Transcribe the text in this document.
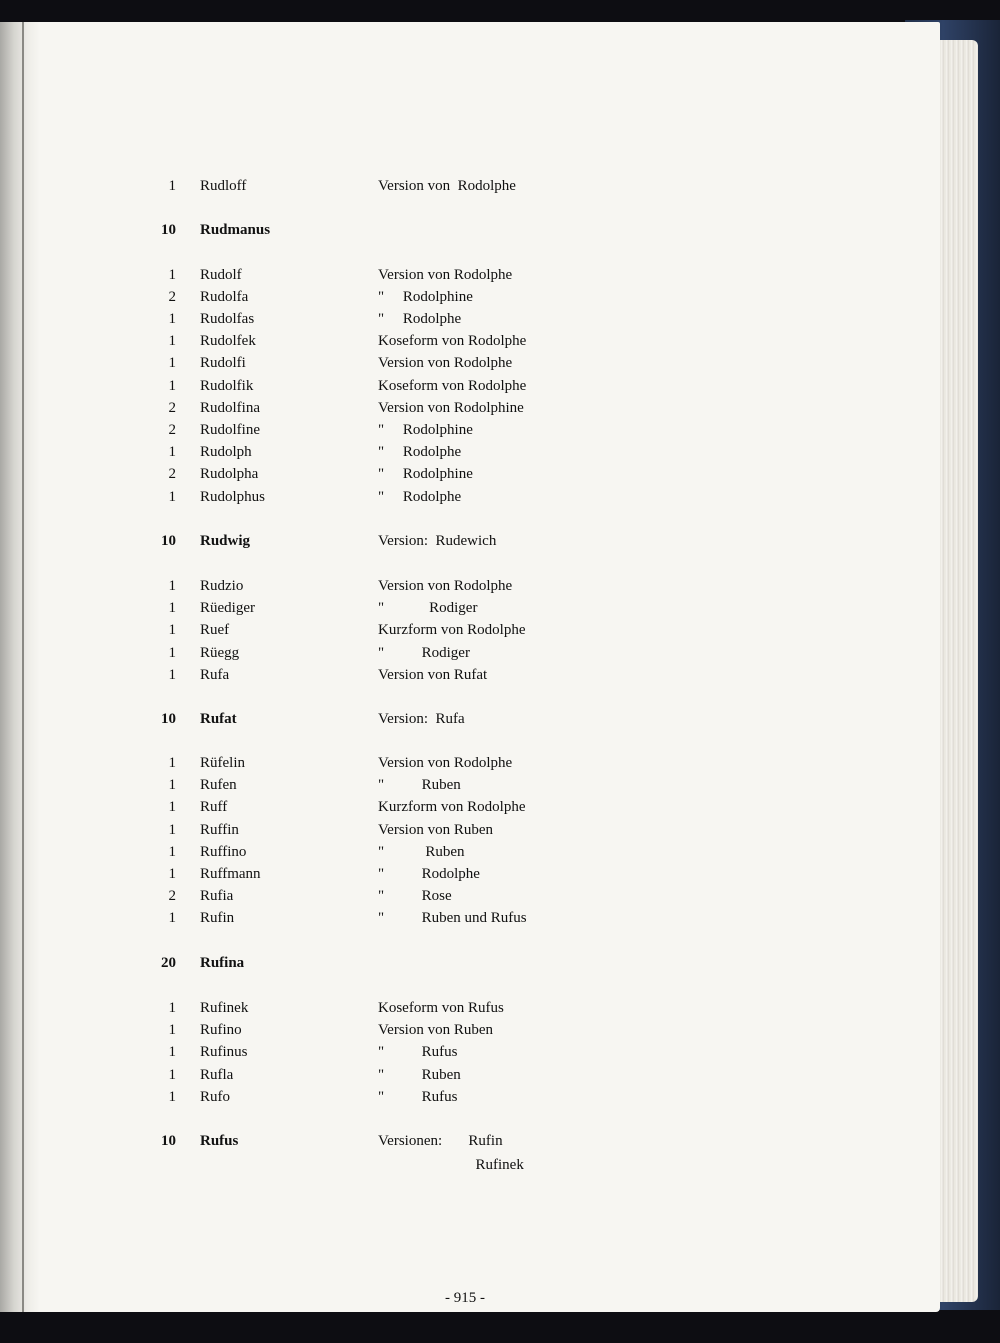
1 Rudloff	Version von  Rodolphe
10 Rudmanus
1 Rudolf	Version von Rodolphe
2 Rudolfa	"     Rodolphine
1 Rudolfas	"     Rodolphe
1 Rudolfek	Koseform von Rodolphe
1 Rudolfi	Version von Rodolphe
1 Rudolfik	Koseform von Rodolphe
2 Rudolfina	Version von Rodolphine
2 Rudolfine	"     Rodolphine
1 Rudolph	"     Rodolphe
2 Rudolpha	"     Rodolphine
1 Rudolphus	"     Rodolphe
10 Rudwig	Version:  Rudewich
1 Rudzio	Version von Rodolphe
1 Rüediger	"            Rodiger
1 Ruef	Kurzform von Rodolphe
1 Rüegg	"          Rodiger
1 Rufa	Version von Rufat
10 Rufat	Version:  Rufa
1 Rüfelin	Version von Rodolphe
1 Rufen	"          Ruben
1 Ruff	Kurzform von Rodolphe
1 Ruffin	Version von Ruben
1 Ruffino	"           Ruben
1 Ruffmann	"          Rodolphe
2 Rufia	"          Rose
1 Rufin	"          Ruben und Rufus
20 Rufina
1 Rufinek	Koseform von Rufus
1 Rufino	Version von Ruben
1 Rufinus	"          Rufus
1 Rufla	"          Ruben
1 Rufo	"          Rufus
10 Rufus	Versionen:       Rufin
Rufinek
- 915 -
